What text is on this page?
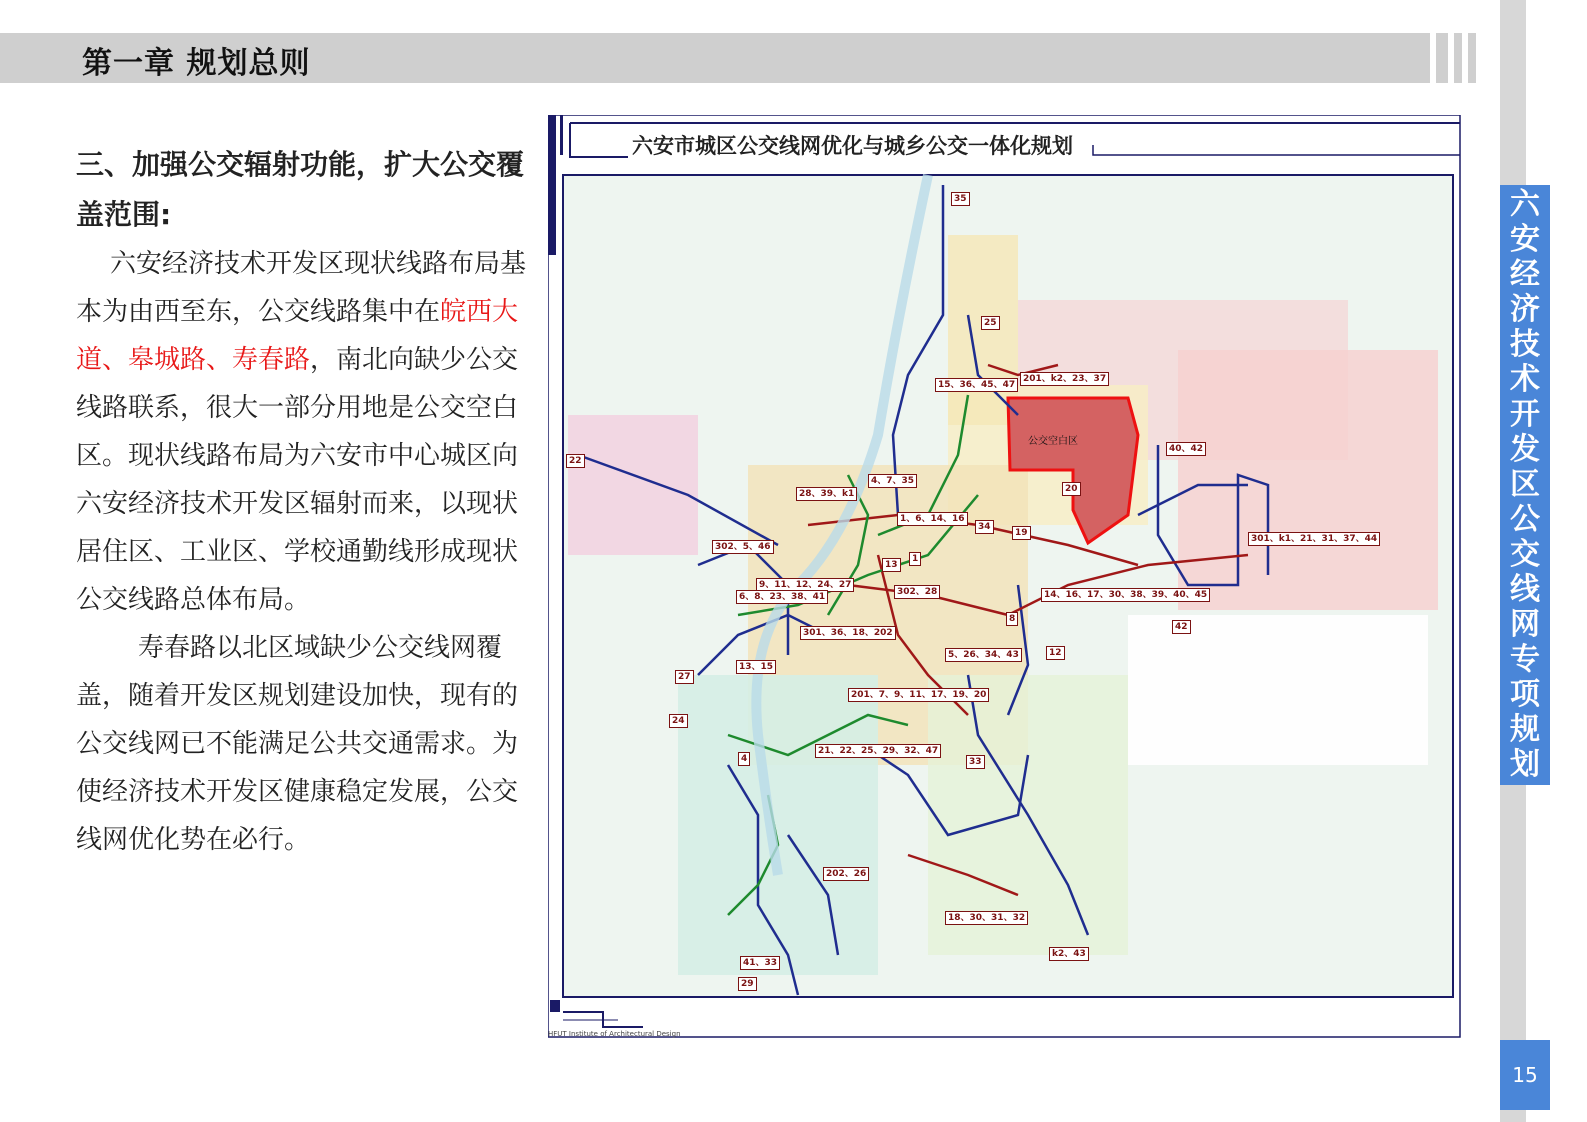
第一章 规划总则
六
安
经
济
技
术
开
发
区
公
交
线
网
专
项
规
划
15

三、加强公交辐射功能，扩大公交覆盖范围:

六安经济技术开发区现状线路布局基本为由西至东，公交线路集中在皖西大道、皋城路、寿春路，南北向缺少公交线路联系，很大一部分用地是公交空白区。现状线路布局为六安市中心城区向六安经济技术开发区辐射而来，以现状居住区、工业区、学校通勤线形成现状公交线路总体布局。

寿春路以北区域缺少公交线网覆盖，随着开发区规划建设加快，现有的公交线网已不能满足公共交通需求。为使经济技术开发区健康稳定发展，公交线网优化势在必行。

六安市城区公交线网优化与城乡公交一体化规划
公交空白区
HFUT Institute of Architectural Design
35
25
201、k2、23、37
15、36、45、47
40、42
22
4、7、35
28、39、k1	20
1、6、14、16
34
19
302、5、46
301、k1、21、31、37、44
13
1
9、11、12、24、27
302、28	14、16、17、30、38、39、40、45
6、8、23、38、41
301、36、18、202
8
42
12
13、15
5、26、34、43
27
201、7、9、11、17、19、20
24
4
21、22、25、29、32、47
33
202、26
18、30、31、32
k2、43
41、33
29
